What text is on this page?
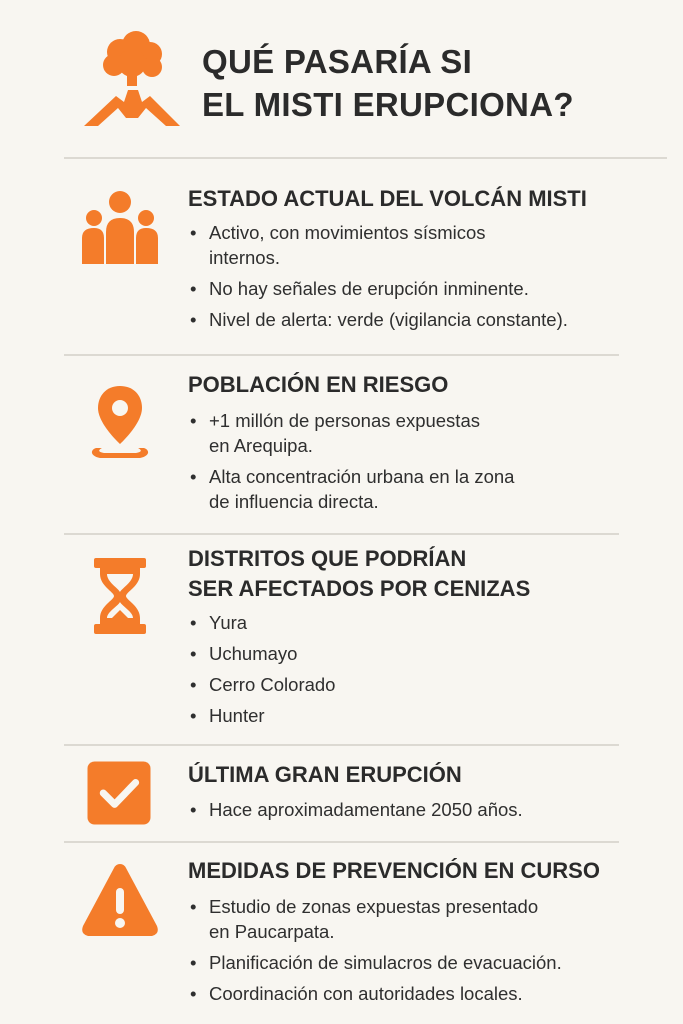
QUÉ PASARÍA SI
EL MISTI ERUPCIONA?
ESTADO ACTUAL DEL VOLCÁN MISTI
• Activo, con movimientos sísmicos
internos.
• No hay señales de erupción inminente.
• Nivel de alerta: verde (vigilancia constante).
POBLACIÓN EN RIESGO
• +1 millón de personas expuestas
en Arequipa.
• Alta concentración urbana en la zona
de influencia directa.
DISTRITOS QUE PODRÍAN
SER AFECTADOS POR CENIZAS
• Yura
• Uchumayo
• Cerro Colorado
• Hunter
ÚLTIMA GRAN ERUPCIÓN
• Hace aproximadamentane 2050 años.
MEDIDAS DE PREVENCIÓN EN CURSO
• Estudio de zonas expuestas presentado
en Paucarpata.
• Planificación de simulacros de evacuación.
• Coordinación con autoridades locales.
